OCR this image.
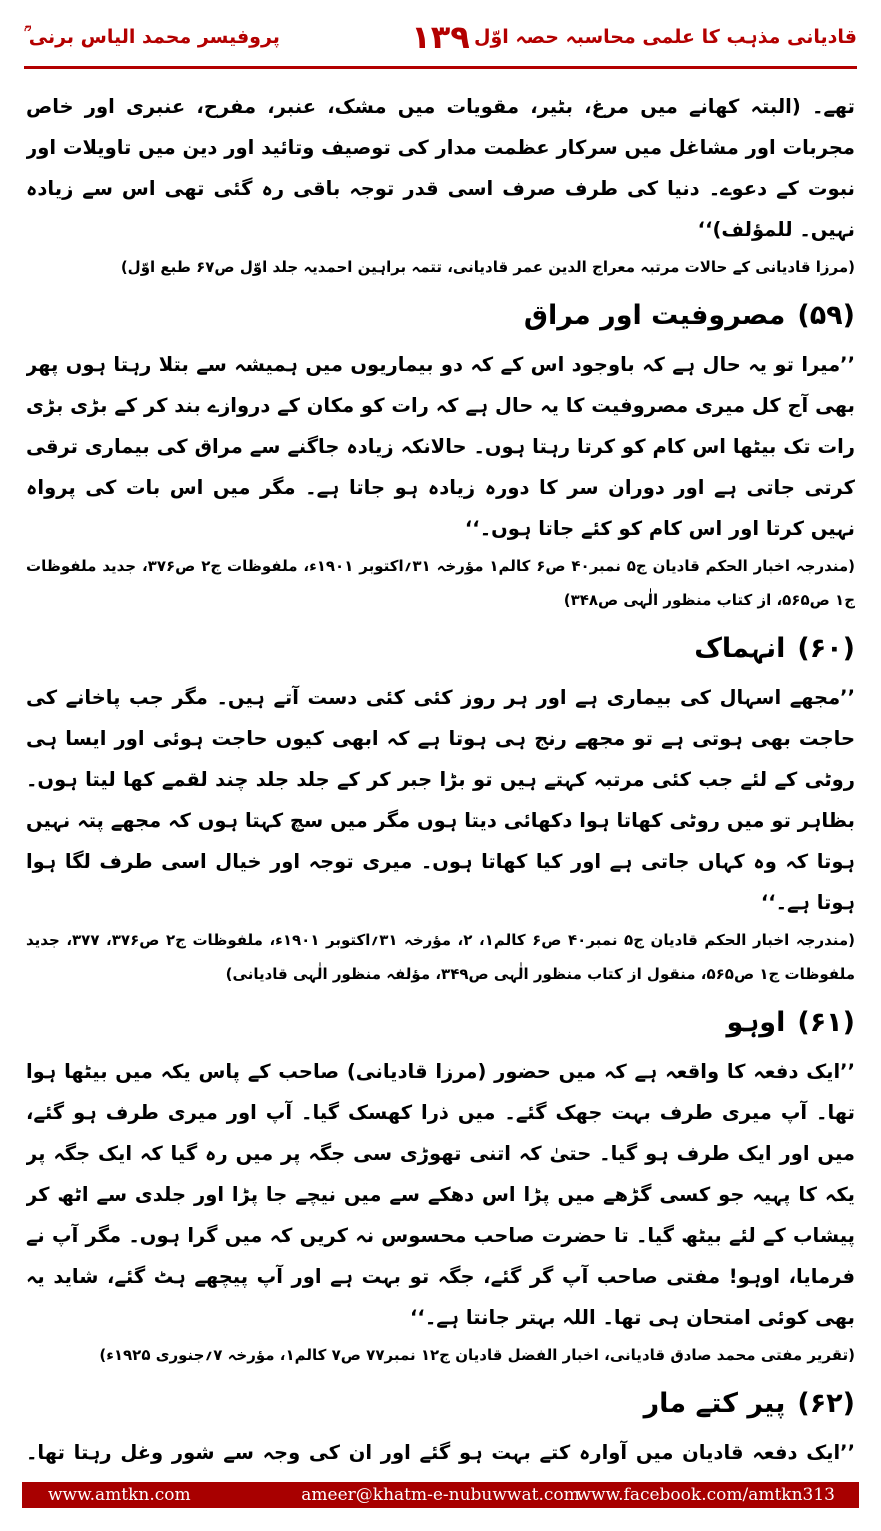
قادیانی مذہب کا علمی محاسبہ حصہ اوّل
۱۳۹
پروفیسر محمد الیاس برنی ؒ

تھے۔ (البتہ کھانے میں مرغ، بٹیر، مقویات میں مشک، عنبر، مفرح، عنبری اور خاص مجربات اور مشاغل میں سرکار عظمت مدار کی توصیف وتائید اور دین میں تاویلات اور نبوت کے دعوے۔ دنیا کی طرف صرف اسی قدر توجہ باقی رہ گئی تھی اس سے زیادہ نہیں۔ للمؤلف)‘‘

(مرزا قادیانی کے حالات مرتبہ معراج الدین عمر قادیانی، تتمہ براہین احمدیہ جلد اوّل ص۶۷ طبع اوّل)
(۵۹)مصروفیت اور مراق

’’میرا تو یہ حال ہے کہ باوجود اس کے کہ دو بیماریوں میں ہمیشہ سے بتلا رہتا ہوں پھر بھی آج کل میری مصروفیت کا یہ حال ہے کہ رات کو مکان کے دروازے بند کر کے بڑی بڑی رات تک بیٹھا اس کام کو کرتا رہتا ہوں۔ حالانکہ زیادہ جاگنے سے مراق کی بیماری ترقی کرتی جاتی ہے اور دوران سر کا دورہ زیادہ ہو جاتا ہے۔ مگر میں اس بات کی پرواہ نہیں کرتا اور اس کام کو کئے جاتا ہوں۔‘‘

(مندرجہ اخبار الحکم قادیان ج۵ نمبر۴۰ ص۶ کالم۱ مؤرخہ ۳۱؍اکتوبر ۱۹۰۱ء، ملفوظات ج۲ ص۳۷۶، جدید ملفوظات ج۱ ص۵۶۵، از کتاب منظور الٰہی ص۳۴۸)
(۶۰)انہماک

’’مجھے اسہال کی بیماری ہے اور ہر روز کئی کئی دست آتے ہیں۔ مگر جب پاخانے کی حاجت بھی ہوتی ہے تو مجھے رنج ہی ہوتا ہے کہ ابھی کیوں حاجت ہوئی اور ایسا ہی روٹی کے لئے جب کئی مرتبہ کہتے ہیں تو بڑا جبر کر کے جلد جلد چند لقمے کھا لیتا ہوں۔ بظاہر تو میں روٹی کھاتا ہوا دکھائی دیتا ہوں مگر میں سچ کہتا ہوں کہ مجھے پتہ نہیں ہوتا کہ وہ کہاں جاتی ہے اور کیا کھاتا ہوں۔ میری توجہ اور خیال اسی طرف لگا ہوا ہوتا ہے۔‘‘

(مندرجہ اخبار الحکم قادیان ج۵ نمبر۴۰ ص۶ کالم۱، ۲، مؤرخہ ۳۱؍اکتوبر ۱۹۰۱ء، ملفوظات ج۲ ص۳۷۶، ۳۷۷، جدید ملفوظات ج۱ ص۵۶۵، منقول از کتاب منظور الٰہی ص۳۴۹، مؤلفہ منظور الٰہی قادیانی)
(۶۱)اوہو

’’ایک دفعہ کا واقعہ ہے کہ میں حضور (مرزا قادیانی) صاحب کے پاس یکہ میں بیٹھا ہوا تھا۔ آپ میری طرف بہت جھک گئے۔ میں ذرا کھسک گیا۔ آپ اور میری طرف ہو گئے، میں اور ایک طرف ہو گیا۔ حتیٰ کہ اتنی تھوڑی سی جگہ پر میں رہ گیا کہ ایک جگہ پر یکہ کا پہیہ جو کسی گڑھے میں پڑا اس دھکے سے میں نیچے جا پڑا اور جلدی سے اٹھ کر پیشاب کے لئے بیٹھ گیا۔ تا حضرت صاحب محسوس نہ کریں کہ میں گرا ہوں۔ مگر آپ نے فرمایا، اوہو! مفتی صاحب آپ گر گئے، جگہ تو بہت ہے اور آپ پیچھے ہٹ گئے، شاید یہ بھی کوئی امتحان ہی تھا۔ اللہ بہتر جانتا ہے۔‘‘

(تقریر مفتی محمد صادق قادیانی، اخبار الفضل قادیان ج۱۲ نمبر۷۷ ص۷ کالم۱، مؤرخہ ۷؍جنوری ۱۹۲۵ء)
(۶۲)پیر کتے مار

’’ایک دفعہ قادیان میں آوارہ کتے بہت ہو گئے اور ان کی وجہ سے شور وغل رہتا تھا۔

www.amtkn.com	ameer@khatm-e-nubuwwat.com
www.facebook.com/amtkn313
